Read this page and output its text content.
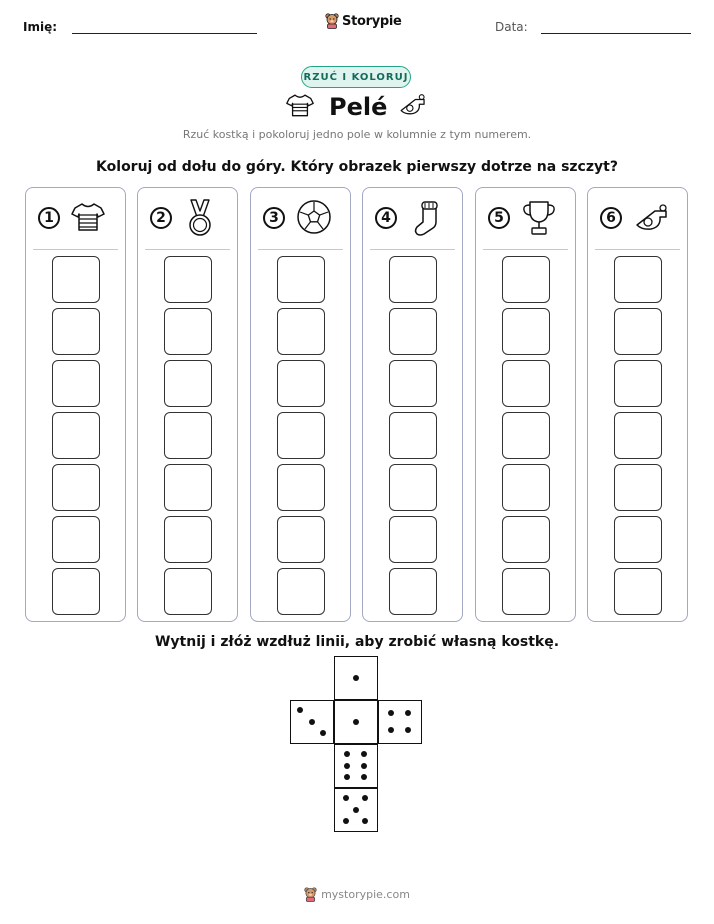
Imię:	Storypie	Data:
RZUĆ I KOLORUJ
Pelé
Rzuć kostką i pokoloruj jedno pole w kolumnie z tym numerem.
Koloruj od dołu do góry. Który obrazek pierwszy dotrze na szczyt?
1	2	3	4	5	6
Wytnij i złóż wzdłuż linii, aby zrobić własną kostkę.
mystorypie.com
